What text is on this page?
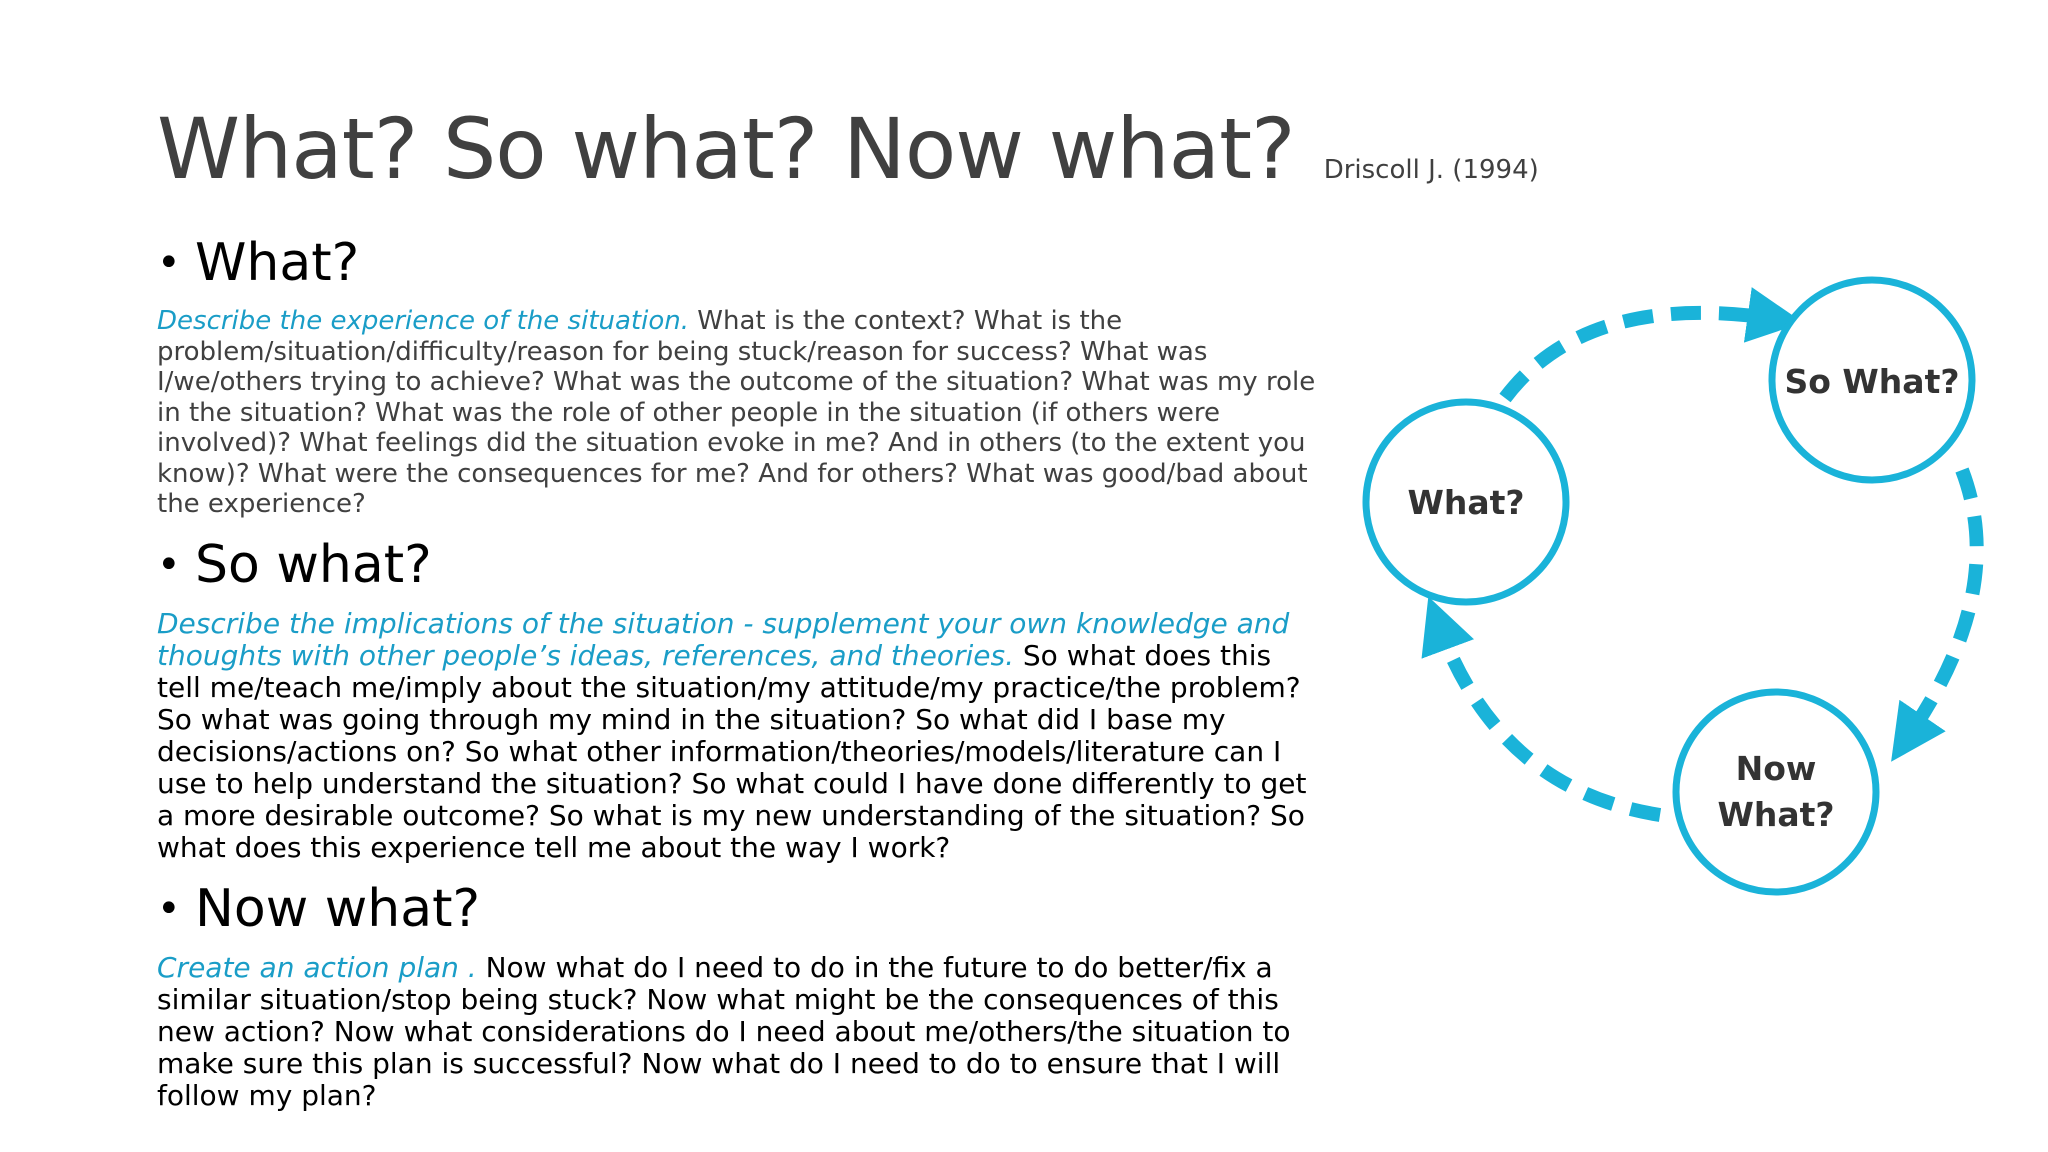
What? So what? Now what? Driscoll J. (1994)
• What?

Describe the experience of the situation. What is the context? What is the problem/situation/difficulty/reason for being stuck/reason for success? What was I/we/others trying to achieve? What was the outcome of the situation? What was my role in the situation? What was the role of other people in the situation (if others were involved)? What feelings did the situation evoke in me? And in others (to the extent you know)? What were the consequences for me? And for others? What was good/bad about the experience?

• So what?

Describe the implications of the situation - supplement your own knowledge and thoughts with other people’s ideas, references, and theories. So what does this tell me/teach me/imply about the situation/my attitude/my practice/the problem? So what was going through my mind in the situation? So what did I base my decisions/actions on? So what other information/theories/models/literature can I use to help understand the situation? So what could I have done differently to get a more desirable outcome? So what is my new understanding of the situation? So what does this experience tell me about the way I work?

• Now what?

Create an action plan . Now what do I need to do in the future to do better/fix a similar situation/stop being stuck? Now what might be the consequences of this new action? Now what considerations do I need about me/others/the situation to make sure this plan is successful? Now what do I need to do to ensure that I will follow my plan?

What?
So What?
Now
What?
